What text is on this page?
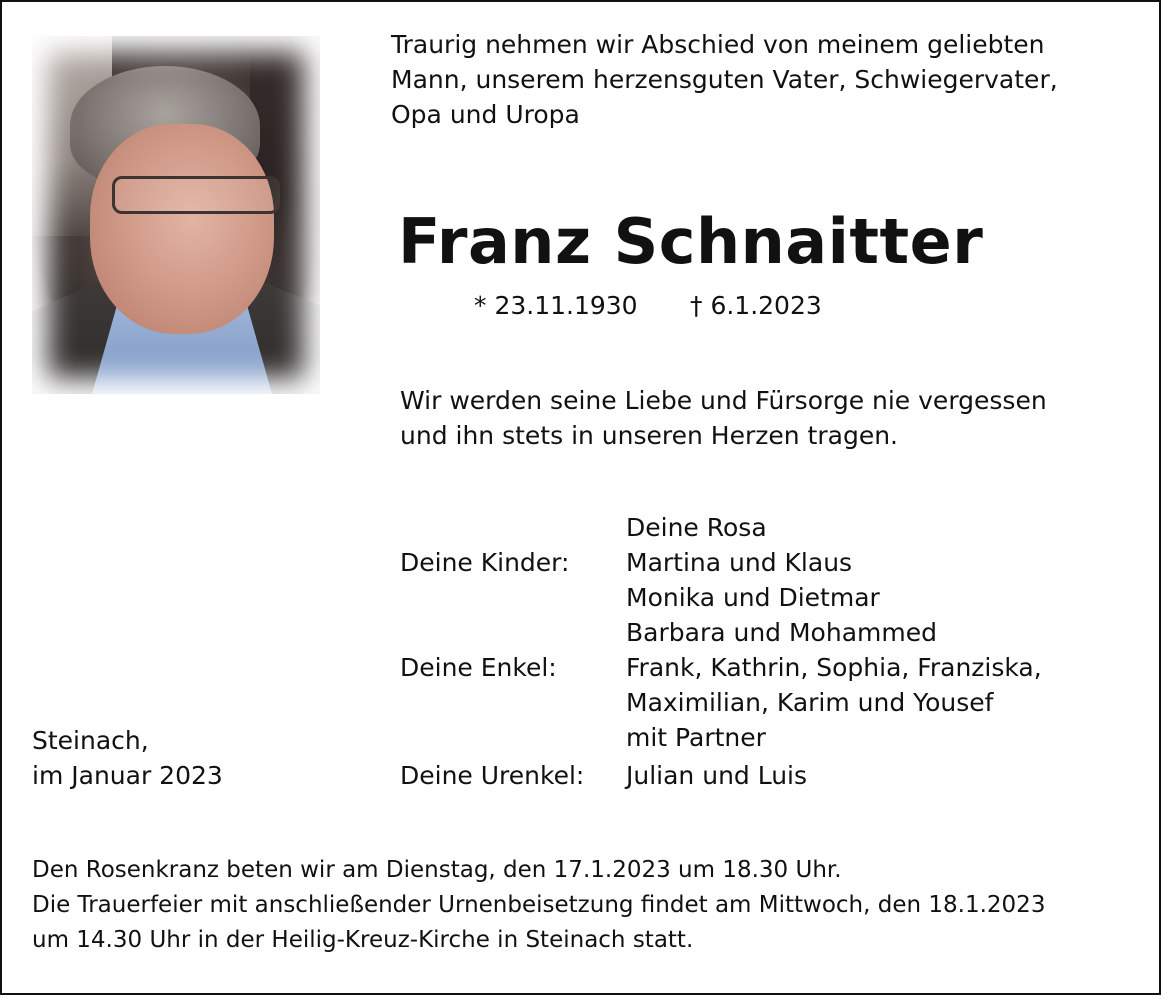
Traurig nehmen wir Abschied von meinem geliebten
Mann, unserem herzensguten Vater, Schwiegervater,
Opa und Uropa
Franz Schnaitter
* 23.11.1930 † 6.1.2023
Wir werden seine Liebe und Fürsorge nie vergessen
und ihn stets in unseren Herzen tragen.
Deine Rosa
Deine Kinder: Martina und Klaus
Monika und Dietmar
Barbara und Mohammed
Deine Enkel:	Frank, Kathrin, Sophia, Franziska,
Maximilian, Karim und Yousef
mit Partner
Steinach,
im Januar 2023	Deine Urenkel: Julian und Luis
Den Rosenkranz beten wir am Dienstag, den 17.1.2023 um 18.30 Uhr.
Die Trauerfeier mit anschließender Urnenbeisetzung findet am Mittwoch, den 18.1.2023
um 14.30 Uhr in der Heilig-Kreuz-Kirche in Steinach statt.
